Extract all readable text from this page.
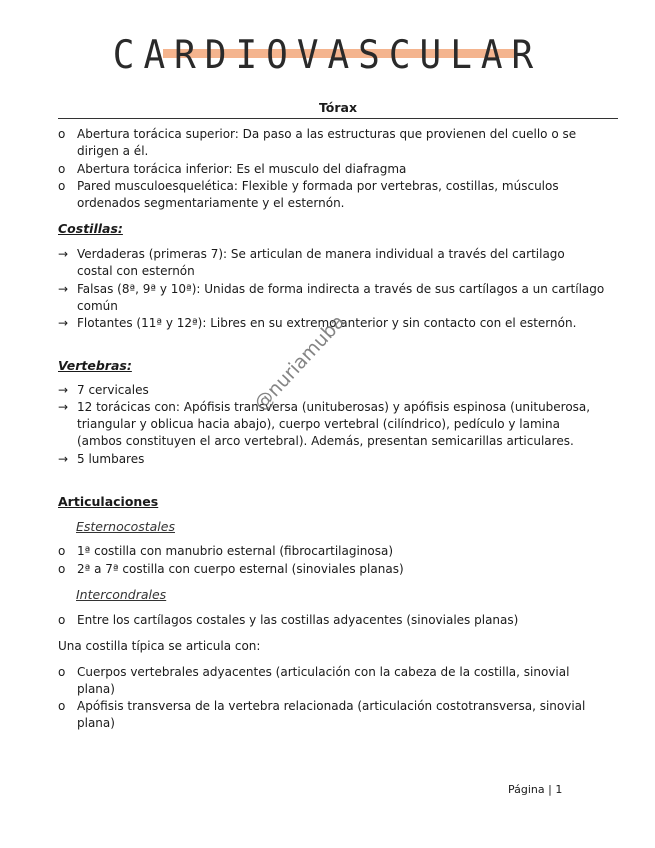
CARDIOVASCULAR
Tórax
o Abertura torácica superior: Da paso a las estructuras que provienen del cuello o se
dirigen a él.
o Abertura torácica inferior: Es el musculo del diafragma
o Pared musculoesquelética: Flexible y formada por vertebras, costillas, músculos
ordenados segmentariamente y el esternón.
Costillas:
→ Verdaderas (primeras 7): Se articulan de manera individual a través del cartilago
costal con esternón
→ Falsas (8ª, 9ª y 10ª): Unidas de forma indirecta a través de sus cartílagos a un cartílago
común
→ Flotantes (11ª y 12ª): Libres en su extremo anterior y sin contacto con el esternón.
Vertebras:
→ 7 cervicales
→ 12 torácicas con: Apófisis transversa (unituberosas) y apófisis espinosa (unituberosa,
triangular y oblicua hacia abajo), cuerpo vertebral (cilíndrico), pedículo y lamina
(ambos constituyen el arco vertebral). Además, presentan semicarillas articulares.
→ 5 lumbares
Articulaciones
Esternocostales
o 1ª costilla con manubrio esternal (fibrocartilaginosa)
o 2ª a 7ª costilla con cuerpo esternal (sinoviales planas)
Intercondrales
o Entre los cartílagos costales y las costillas adyacentes (sinoviales planas)
Una costilla típica se articula con:
o Cuerpos vertebrales adyacentes (articulación con la cabeza de la costilla, sinovial
plana)
o Apófisis transversa de la vertebra relacionada (articulación costotransversa, sinovial
plana)
@nuriamuba
Página | 1
